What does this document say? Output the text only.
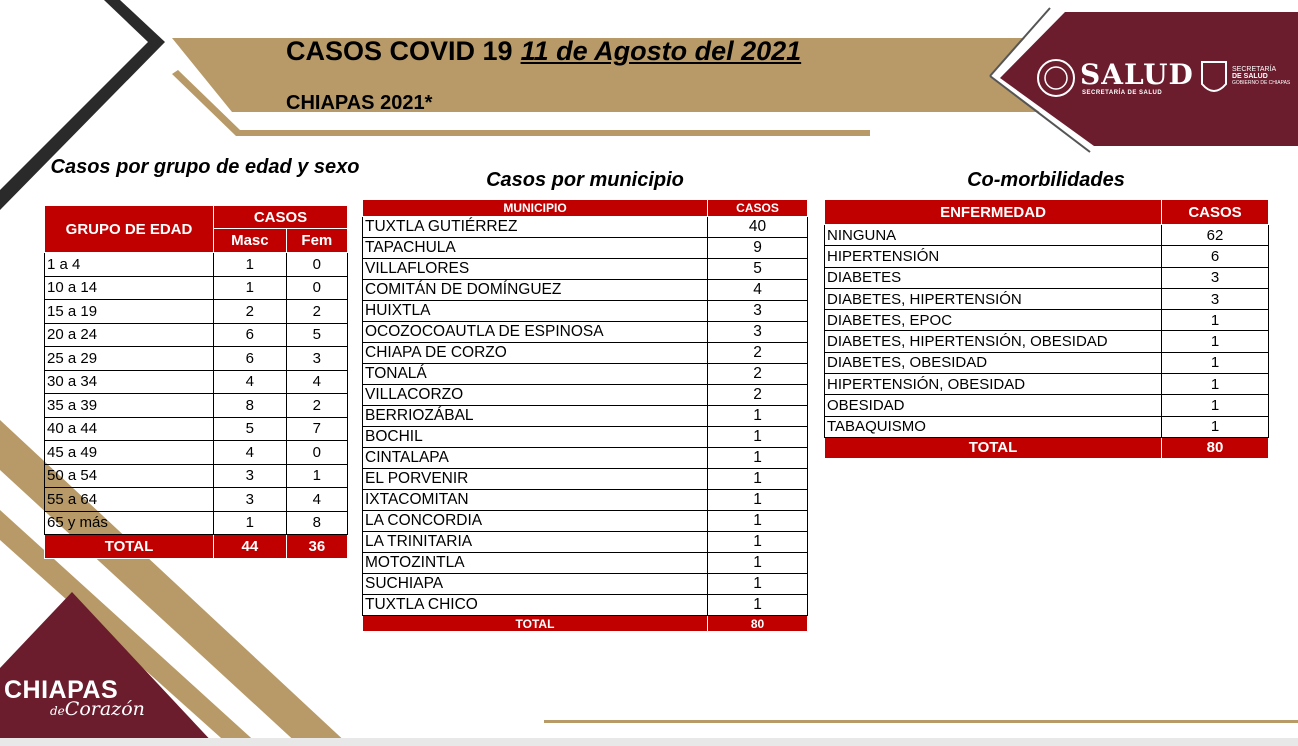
CASOS COVID 19 11 de Agosto del 2021
CHIAPAS 2021*
SALUD
SECRETARÍA DE SALUD
SECRETARÍA
DE SALUD
GOBIERNO DE CHIAPAS
CHIAPAS
deCorazón
Casos por grupo de edad y sexo
GRUPO DE EDAD	CASOS	
	Masc	Fem
1 a 4	1	0
10 a 14	1	0
15 a 19	2	2
20 a 24	6	5
25 a 29	6	3
30 a 34	4	4
35 a 39	8	2
40 a 44	5	7
45 a 49	4	0
50 a 54	3	1
55 a 64	3	4
65 y más	1	8
TOTAL	44	36
Casos por municipio
MUNICIPIO	CASOS
TUXTLA GUTIÉRREZ	40
TAPACHULA	9
VILLAFLORES	5
COMITÁN DE DOMÍNGUEZ	4
HUIXTLA	3
OCOZOCOAUTLA DE ESPINOSA	3
CHIAPA DE CORZO	2
TONALÁ	2
VILLACORZO	2
BERRIOZÁBAL	1
BOCHIL	1
CINTALAPA	1
EL PORVENIR	1
IXTACOMITAN	1
LA CONCORDIA	1
LA TRINITARIA	1
MOTOZINTLA	1
SUCHIAPA	1
TUXTLA CHICO	1
TOTAL	80
Co-morbilidades
ENFERMEDAD	CASOS
NINGUNA	62
HIPERTENSIÓN	6
DIABETES	3
DIABETES, HIPERTENSIÓN	3
DIABETES, EPOC	1
DIABETES, HIPERTENSIÓN, OBESIDAD	1
DIABETES, OBESIDAD	1
HIPERTENSIÓN, OBESIDAD	1
OBESIDAD	1
TABAQUISMO	1
TOTAL	80
